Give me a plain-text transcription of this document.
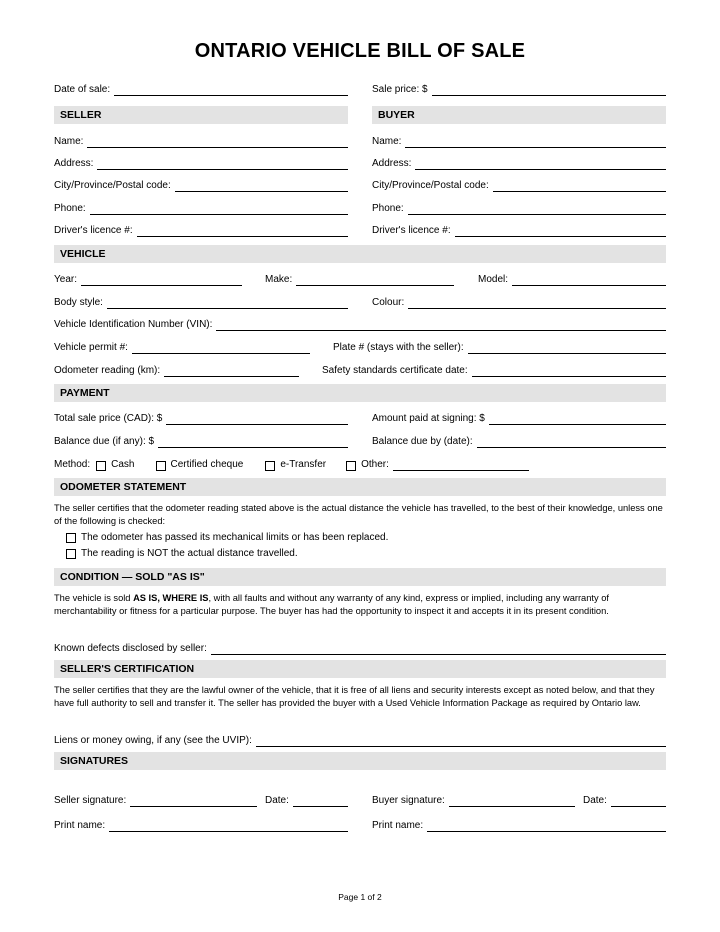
ONTARIO VEHICLE BILL OF SALE
Date of sale:	Sale price: $
SELLER	BUYER
Name:	Name:
Address:	Address:
City/Province/Postal code:	City/Province/Postal code:
Phone:	Phone:
Driver's licence #:	Driver's licence #:
VEHICLE
Year:	Make:	Model:
Body style:	Colour:
Vehicle Identification Number (VIN):
Vehicle permit #:	Plate # (stays with the seller):
Odometer reading (km):	Safety standards certificate date:
PAYMENT
Total sale price (CAD): $	Amount paid at signing: $
Balance due (if any): $	Balance due by (date):
Method: Cash	Certified cheque	e-Transfer	Other:
ODOMETER STATEMENT
The seller certifies that the odometer reading stated above is the actual distance the vehicle has travelled, to the best of their knowledge, unless one of the following is checked:
The odometer has passed its mechanical limits or has been replaced.
The reading is NOT the actual distance travelled.
CONDITION — SOLD "AS IS"
The vehicle is sold AS IS, WHERE IS, with all faults and without any warranty of any kind, express or implied, including any warranty of merchantability or fitness for a particular purpose. The buyer has had the opportunity to inspect it and accepts it in its present condition.
Known defects disclosed by seller:
SELLER'S CERTIFICATION
The seller certifies that they are the lawful owner of the vehicle, that it is free of all liens and security interests except as noted below, and that they have full authority to sell and transfer it. The seller has provided the buyer with a Used Vehicle Information Package as required by Ontario law.
Liens or money owing, if any (see the UVIP):
SIGNATURES
Seller signature:	Date:	Buyer signature:	Date:
Print name:	Print name:
Page 1 of 2
